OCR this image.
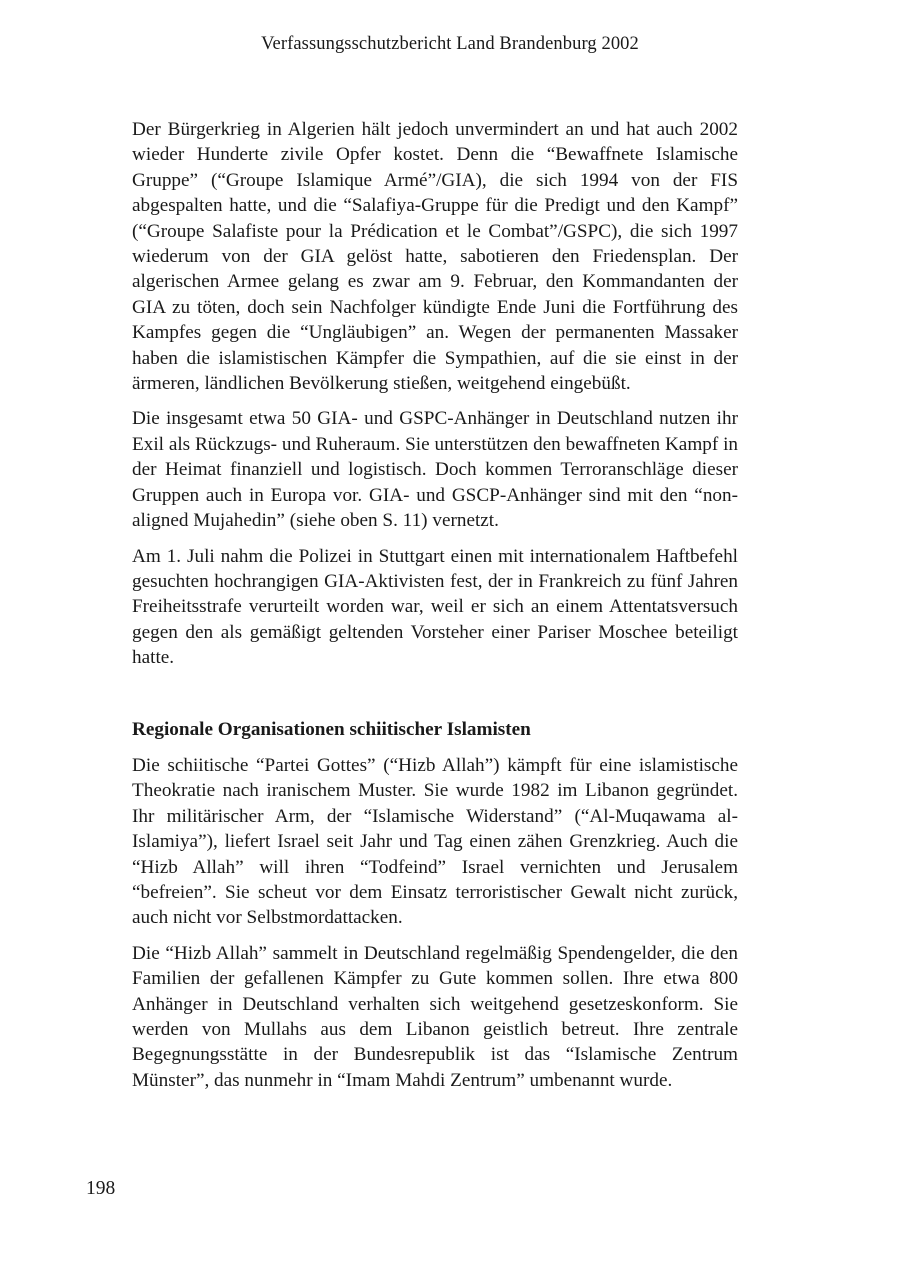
Verfassungsschutzbericht Land Brandenburg 2002

Der Bürgerkrieg in Algerien hält jedoch unvermindert an und hat auch 2002 wieder Hunderte zivile Opfer kostet. Denn die “Bewaffnete Islamische Gruppe” (“Groupe Islamique Armé”/GIA), die sich 1994 von der FIS abgespalten hatte, und die “Salafiya-Gruppe für die Predigt und den Kampf” (“Groupe Salafiste pour la Prédication et le Combat”/GSPC), die sich 1997 wiederum von der GIA gelöst hatte, sabotieren den Friedensplan. Der algerischen Armee gelang es zwar am 9. Februar, den Kommandanten der GIA zu töten, doch sein Nachfolger kündigte Ende Juni die Fortführung des Kampfes gegen die “Ungläubigen” an. Wegen der permanenten Massaker haben die islamistischen Kämpfer die Sympathien, auf die sie einst in der ärmeren, ländlichen Bevölkerung stießen, weitgehend eingebüßt.

Die insgesamt etwa 50 GIA- und GSPC-Anhänger in Deutschland nutzen ihr Exil als Rückzugs- und Ruheraum. Sie unterstützen den bewaffneten Kampf in der Heimat finanziell und logistisch. Doch kommen Terroranschläge dieser Gruppen auch in Europa vor. GIA- und GSCP-Anhänger sind mit den “non-aligned Mujahedin” (siehe oben S. 11) vernetzt.

Am 1. Juli nahm die Polizei in Stuttgart einen mit internationalem Haftbefehl gesuchten hochrangigen GIA-Aktivisten fest, der in Frankreich zu fünf Jahren Freiheitsstrafe verurteilt worden war, weil er sich an einem Attentatsversuch gegen den als gemäßigt geltenden Vorsteher einer Pariser Moschee beteiligt hatte.

Regionale Organisationen schiitischer Islamisten

Die schiitische “Partei Gottes” (“Hizb Allah”) kämpft für eine islamistische Theokratie nach iranischem Muster. Sie wurde 1982 im Libanon gegründet. Ihr militärischer Arm, der “Islamische Widerstand” (“Al-Muqawama al-Islamiya”), liefert Israel seit Jahr und Tag einen zähen Grenzkrieg. Auch die “Hizb Allah” will ihren “Todfeind” Israel vernichten und Jerusalem “befreien”. Sie scheut vor dem Einsatz terroristischer Gewalt nicht zurück, auch nicht vor Selbstmordattacken.

Die “Hizb Allah” sammelt in Deutschland regelmäßig Spendengelder, die den Familien der gefallenen Kämpfer zu Gute kommen sollen. Ihre etwa 800 Anhänger in Deutschland verhalten sich weitgehend gesetzeskonform. Sie werden von Mullahs aus dem Libanon geistlich betreut. Ihre zentrale Begegnungsstätte in der Bundesrepublik ist das “Islamische Zentrum Münster”, das nunmehr in “Imam Mahdi Zentrum” umbenannt wurde.

198
